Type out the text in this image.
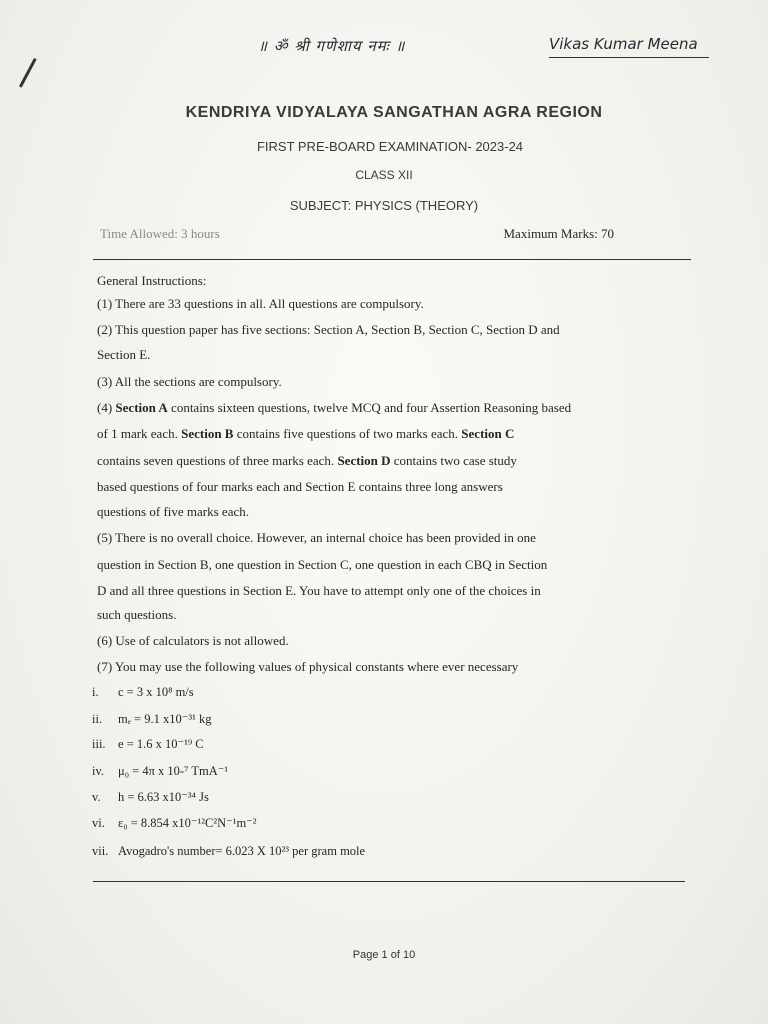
॥ ॐ श्री गणेशाय नमः ॥	Vikas Kumar Meena
KENDRIYA VIDYALAYA SANGATHAN AGRA REGION
FIRST PRE-BOARD EXAMINATION- 2023-24
CLASS XII
SUBJECT: PHYSICS (THEORY)
Time Allowed: 3 hours	Maximum Marks: 70
General Instructions:
(1) There are 33 questions in all. All questions are compulsory.
(2) This question paper has five sections: Section A, Section B, Section C, Section D and
Section E.
(3) All the sections are compulsory.
(4) Section A contains sixteen questions, twelve MCQ and four Assertion Reasoning based
of 1 mark each. Section B contains five questions of two marks each. Section C
contains seven questions of three marks each. Section D contains two case study
based questions of four marks each and Section E contains three long answers
questions of five marks each.
(5) There is no overall choice. However, an internal choice has been provided in one
question in Section B, one question in Section C, one question in each CBQ in Section
D and all three questions in Section E. You have to attempt only one of the choices in
such questions.
(6) Use of calculators is not allowed.
(7) You may use the following values of physical constants where ever necessary
i. c = 3 x 10⁸ m/s
ii. mₑ = 9.1 x10⁻³¹ kg
iii. e = 1.6 x 10⁻¹⁹ C
iv. μ₀ = 4π x 10-⁷ TmA⁻¹
v. h = 6.63 x10⁻³⁴ Js
vi. ε₀ = 8.854 x10⁻¹²C²N⁻¹m⁻²
vii. Avogadro's number= 6.023 X 10²³ per gram mole
Page 1 of 10
